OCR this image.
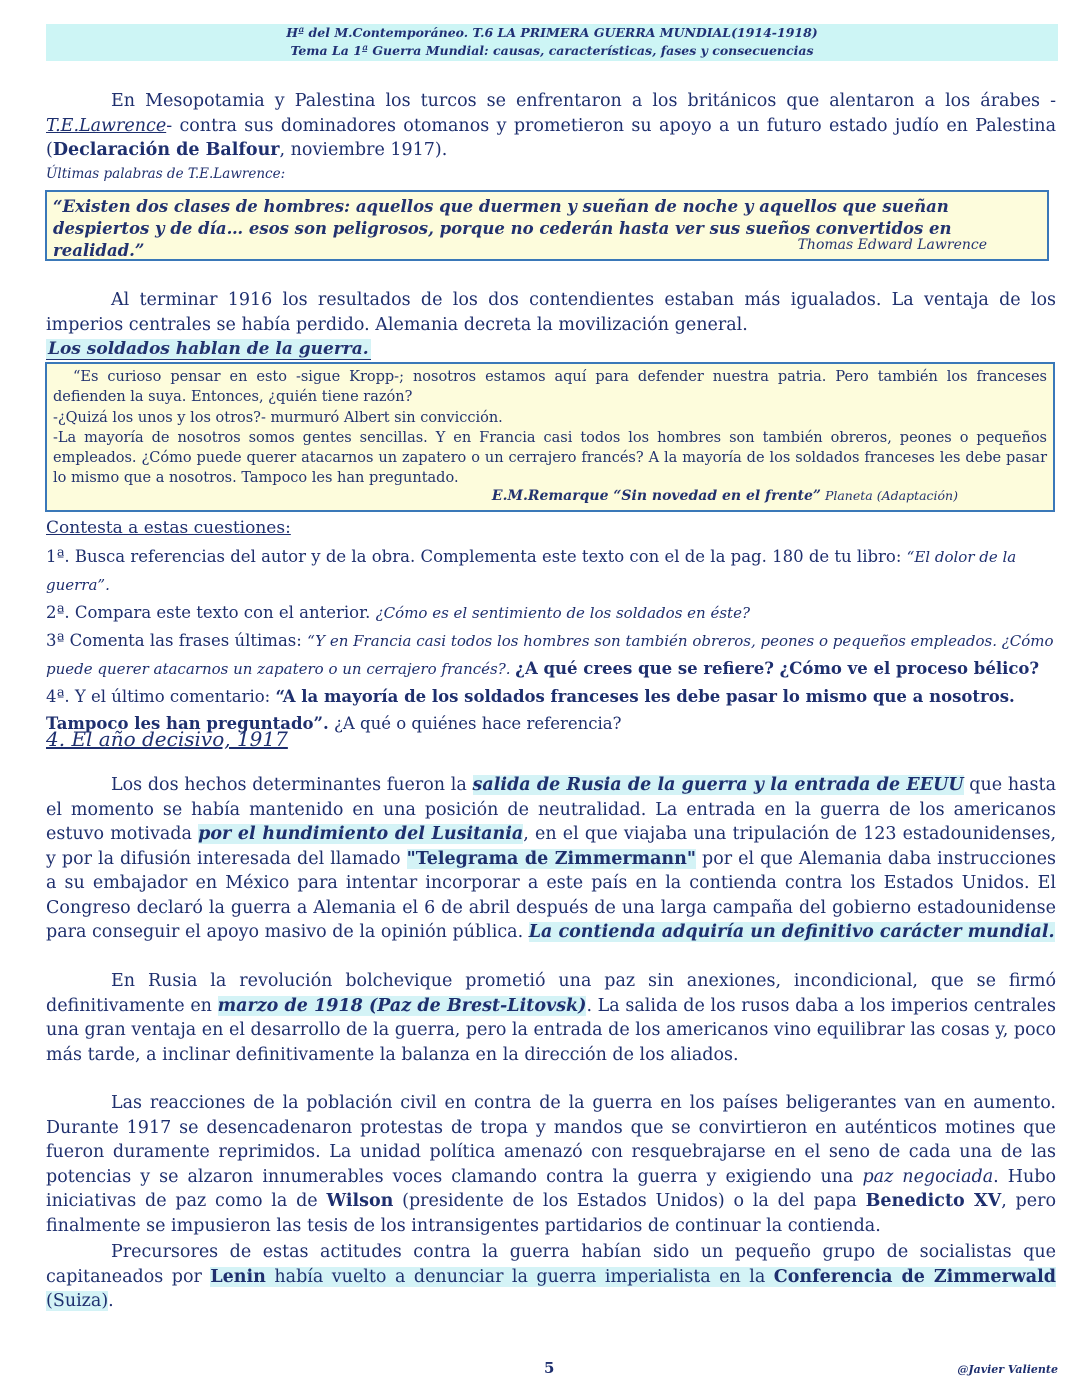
Hª del M.Contemporáneo. T.6 LA PRIMERA GUERRA MUNDIAL(1914-1918)
Tema La 1ª Guerra Mundial: causas, características, fases y consecuencias

En Mesopotamia y Palestina los turcos se enfrentaron a los británicos que alentaron a los árabes -T.E.Lawrence- contra sus dominadores otomanos y prometieron su apoyo a un futuro estado judío en Palestina (Declaración de Balfour, noviembre 1917).

Últimas palabras de T.E.Lawrence:
“Existen dos clases de hombres: aquellos que duermen y sueñan de noche y aquellos que sueñan despiertos y de día… esos son peligrosos, porque no cederán hasta ver sus sueños convertidos en realidad.”	Thomas Edward Lawrence

Al terminar 1916 los resultados de los dos contendientes estaban más igualados. La ventaja de los imperios centrales se había perdido. Alemania decreta la movilización general.

Los soldados hablan de la guerra.
“Es curioso pensar en esto -sigue Kropp-; nosotros estamos aquí para defender nuestra patria. Pero también los franceses defienden la suya. Entonces, ¿quién tiene razón?
-¿Quizá los unos y los otros?- murmuró Albert sin convicción.
-La mayoría de nosotros somos gentes sencillas. Y en Francia casi todos los hombres son también obreros, peones o pequeños empleados. ¿Cómo puede querer atacarnos un zapatero o un cerrajero francés? A la mayoría de los soldados franceses les debe pasar lo mismo que a nosotros. Tampoco les han preguntado.
E.M.Remarque “Sin novedad en el frente” Planeta (Adaptación)
Contesta a estas cuestiones:
1ª. Busca referencias del autor y de la obra. Complementa este texto con el de la pag. 180 de tu libro: “El dolor de la guerra”.
2ª. Compara este texto con el anterior. ¿Cómo es el sentimiento de los soldados en éste?
3ª Comenta las frases últimas: “Y en Francia casi todos los hombres son también obreros, peones o pequeños empleados. ¿Cómo puede querer atacarnos un zapatero o un cerrajero francés?. ¿A qué crees que se refiere? ¿Cómo ve el proceso bélico?
4ª. Y el último comentario: “A la mayoría de los soldados franceses les debe pasar lo mismo que a nosotros. Tampoco les han preguntado”. ¿A qué o quiénes hace referencia?
4. El año decisivo, 1917

Los dos hechos determinantes fueron la salida de Rusia de la guerra y la entrada de EEUU que hasta el momento se había mantenido en una posición de neutralidad. La entrada en la guerra de los americanos estuvo motivada por el hundimiento del Lusitania, en el que viajaba una tripulación de 123 estadounidenses, y por la difusión interesada del llamado "Telegrama de Zimmermann" por el que Alemania daba instrucciones a su embajador en México para intentar incorporar a este país en la contienda contra los Estados Unidos. El Congreso declaró la guerra a Alemania el 6 de abril después de una larga campaña del gobierno estadounidense para conseguir el apoyo masivo de la opinión pública. La contienda adquiría un definitivo carácter mundial.

En Rusia la revolución bolchevique prometió una paz sin anexiones, incondicional, que se firmó definitivamente en marzo de 1918 (Paz de Brest-Litovsk). La salida de los rusos daba a los imperios centrales una gran ventaja en el desarrollo de la guerra, pero la entrada de los americanos vino equilibrar las cosas y, poco más tarde, a inclinar definitivamente la balanza en la dirección de los aliados.

Las reacciones de la población civil en contra de la guerra en los países beligerantes van en aumento. Durante 1917 se desencadenaron protestas de tropa y mandos que se convirtieron en auténticos motines que fueron duramente reprimidos. La unidad política amenazó con resquebrajarse en el seno de cada una de las potencias y se alzaron innumerables voces clamando contra la guerra y exigiendo una paz negociada. Hubo iniciativas de paz como la de Wilson (presidente de los Estados Unidos) o la del papa Benedicto XV, pero finalmente se impusieron las tesis de los intransigentes partidarios de continuar la contienda.

Precursores de estas actitudes contra la guerra habían sido un pequeño grupo de socialistas que capitaneados por Lenin había vuelto a denunciar la guerra imperialista en la Conferencia de Zimmerwald (Suiza).

5	@Javier Valiente
